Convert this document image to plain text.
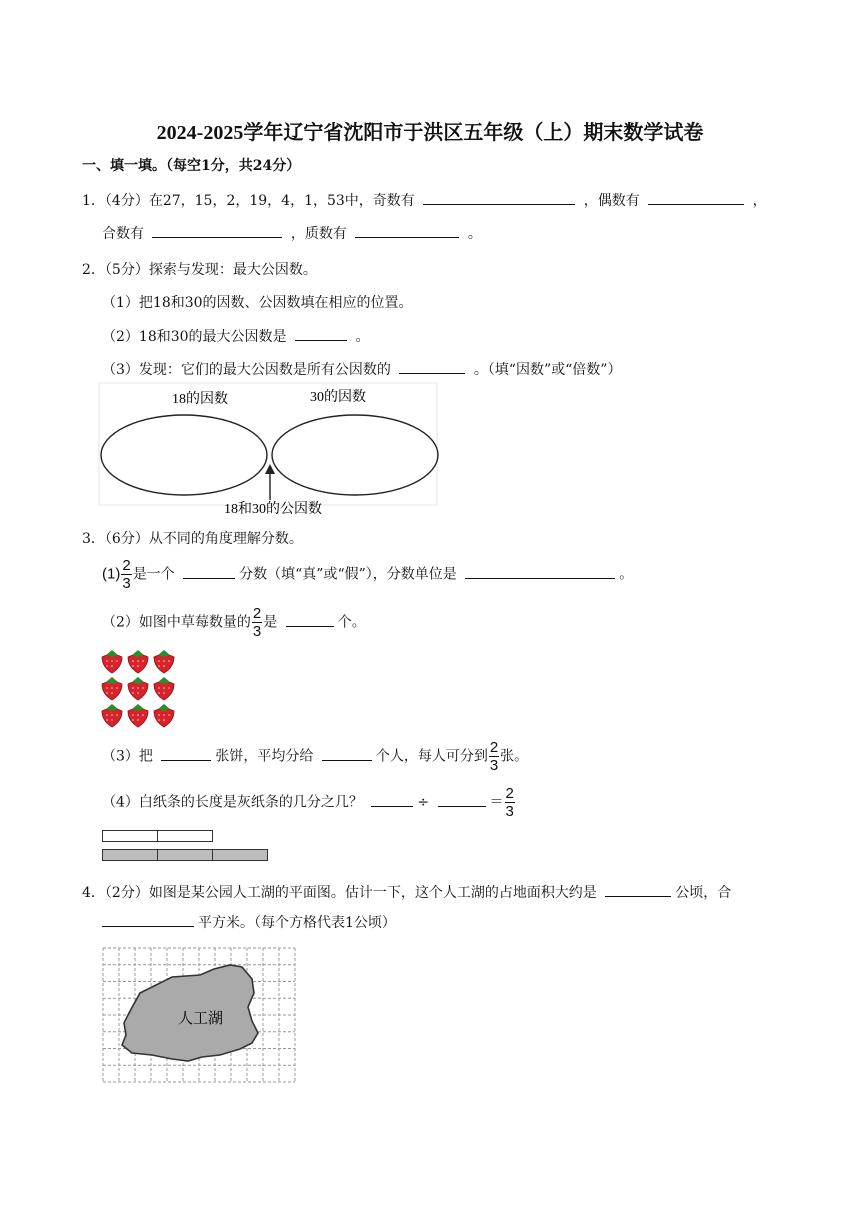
2024-2025学年辽宁省沈阳市于洪区五年级（上）期末数学试卷
一、填一填。（每空1分，共24分）
1．（4分）在27，15，2，19，4，1，53中，奇数有	，偶数有	，
合数有	，质数有	。
2．（5分）探索与发现：最大公因数。
（1）把18和30的因数、公因数填在相应的位置。
（2）18和30的最大公因数是	。
（3）发现：它们的最大公因数是所有公因数的	。（填“因数”或“倍数”）
18的因数	30的因数
18和30的公因数
3．（6分）从不同的角度理解分数。
$(1) \frac{2}{3}$ 是一个	分数（填“真”或“假”），分数单位是	。
（2）如图中草莓数量的 $\frac{2}{3}$ 是	个。
（3）把	张饼，平均分给	个人，每人可分到 $\frac{2}{3}$ 张。
（4）白纸条的长度是灰纸条的几分之几？	÷	＝ $\frac{2}{3}$
4．（2分）如图是某公园人工湖的平面图。估计一下，这个人工湖的占地面积大约是	公顷，合
平方米。（每个方格代表1公顷）
人工湖
